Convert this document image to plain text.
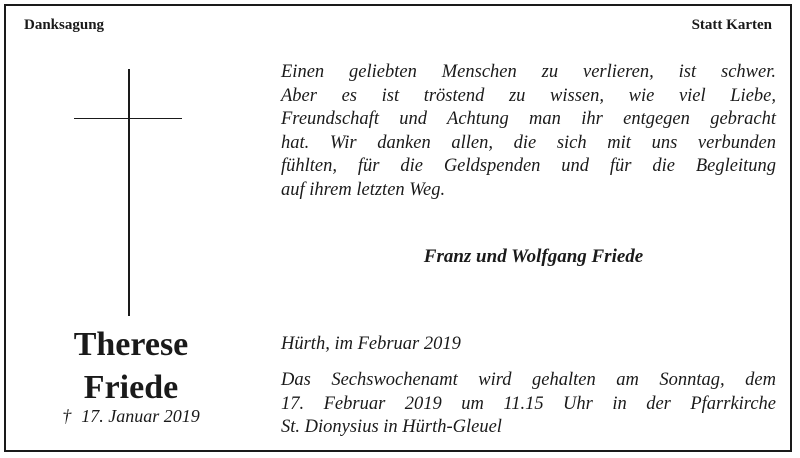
Danksagung	Statt Karten
Therese
Friede
† 17. Januar 2019
Einen geliebten Menschen zu verlieren, ist schwer.
Aber es ist tröstend zu wissen, wie viel Liebe,
Freundschaft und Achtung man ihr entgegen gebracht
hat. Wir danken allen, die sich mit uns verbunden
fühlten, für die Geldspenden und für die Begleitung
auf ihrem letzten Weg.
Franz und Wolfgang Friede
Hürth, im Februar 2019
Das Sechswochenamt wird gehalten am Sonntag, dem
17. Februar 2019 um 11.15 Uhr in der Pfarrkirche
St. Dionysius in Hürth-Gleuel
